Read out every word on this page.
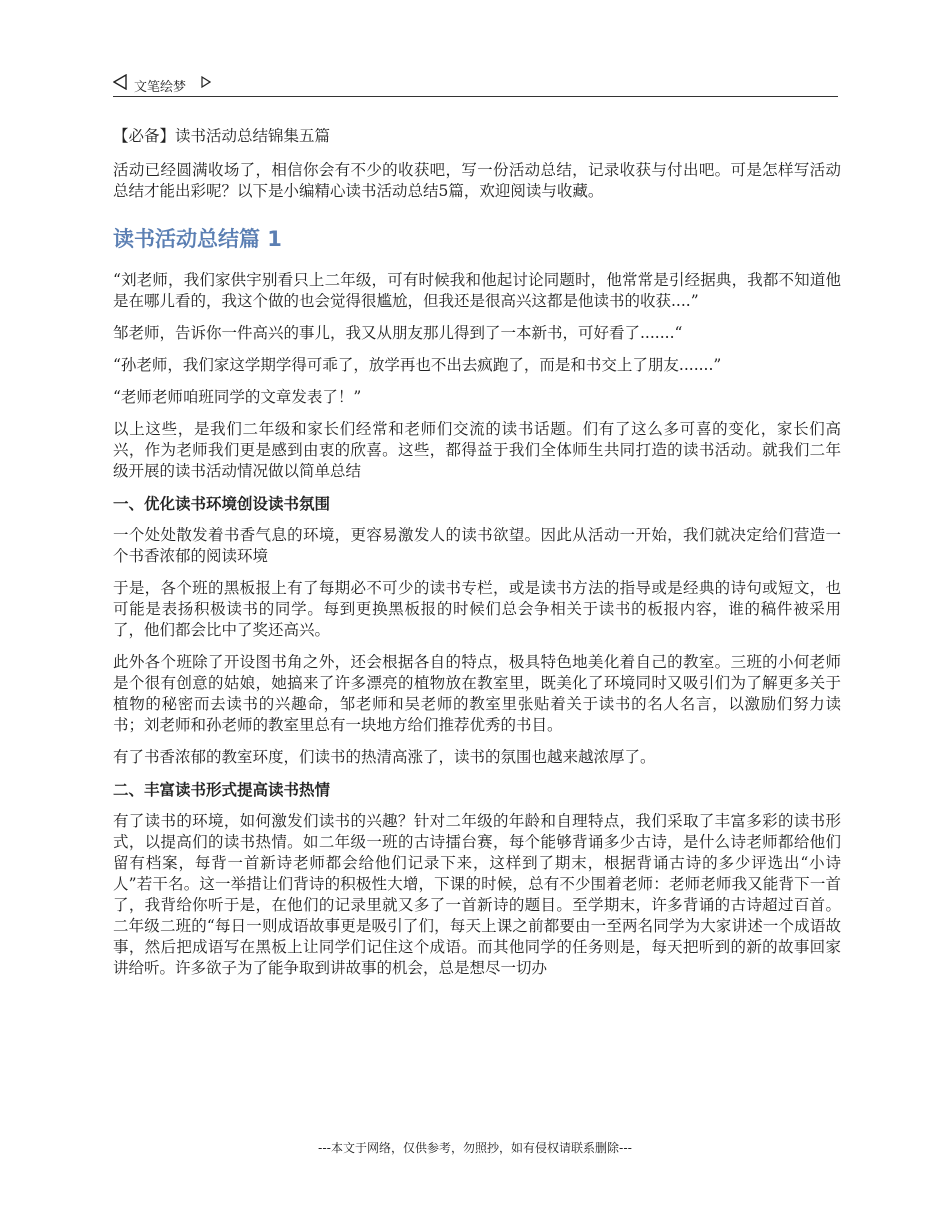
文笔绘梦
【必备】读书活动总结锦集五篇

活动已经圆满收场了，相信你会有不少的收获吧，写一份活动总结，记录收获与付出吧。可是怎样写活动总结才能出彩呢？以下是小编精心读书活动总结5篇，欢迎阅读与收藏。

读书活动总结篇 1

“刘老师，我们家供宇别看只上二年级，可有时候我和他起讨论同题时，他常常是引经据典，我都不知道他是在哪儿看的，我这个做的也会觉得很尴尬，但我还是很高兴这都是他读书的收获....”

邹老师，告诉你一件高兴的事儿，我又从朋友那儿得到了一本新书，可好看了.......“

“孙老师，我们家这学期学得可乖了，放学再也不出去疯跑了，而是和书交上了朋友.......”

“老师老师咱班同学的文章发表了！”

以上这些，是我们二年级和家长们经常和老师们交流的读书话题。们有了这么多可喜的变化，家长们高兴，作为老师我们更是感到由衷的欣喜。这些，都得益于我们全体师生共同打造的读书活动。就我们二年级开展的读书活动情况做以简单总结

一、优化读书环境创设读书氛围

一个处处散发着书香气息的环境，更容易激发人的读书欲望。因此从活动一开始，我们就决定给们营造一个书香浓郁的阅读环境

于是，各个班的黑板报上有了每期必不可少的读书专栏，或是读书方法的指导或是经典的诗句或短文，也可能是表扬积极读书的同学。每到更换黑板报的时候们总会争相关于读书的板报内容，谁的稿件被采用了，他们都会比中了奖还高兴。

此外各个班除了开设图书角之外，还会根据各自的特点，极具特色地美化着自己的教室。三班的小何老师是个很有创意的姑娘，她搞来了许多漂亮的植物放在教室里，既美化了环境同时又吸引们为了解更多关于植物的秘密而去读书的兴趣命，邹老师和吴老师的教室里张贴着关于读书的名人名言，以激励们努力读书；刘老师和孙老师的教室里总有一块地方给们推荐优秀的书目。

有了书香浓郁的教室环度，们读书的热清高涨了，读书的氛围也越来越浓厚了。

二、丰富读书形式提高读书热情

有了读书的环境，如何激发们读书的兴趣？针对二年级的年龄和自理特点，我们采取了丰富多彩的读书形式，以提高们的读书热情。如二年级一班的古诗擂台赛，每个能够背诵多少古诗，是什么诗老师都给他们留有档案，每背一首新诗老师都会给他们记录下来，这样到了期末，根据背诵古诗的多少评选出“小诗人”若干名。这一举措让们背诗的积极性大增，下课的时候，总有不少围着老师：老师老师我又能背下一首了，我背给你听于是，在他们的记录里就又多了一首新诗的题目。至学期末，许多背诵的古诗超过百首。二年级二班的“每日一则成语故事更是吸引了们，每天上课之前都要由一至两名同学为大家讲述一个成语故事，然后把成语写在黑板上让同学们记住这个成语。而其他同学的任务则是，每天把听到的新的故事回家讲给听。许多欲子为了能争取到讲故事的机会，总是想尽一切办

---本文于网络，仅供参考，勿照抄，如有侵权请联系删除---
